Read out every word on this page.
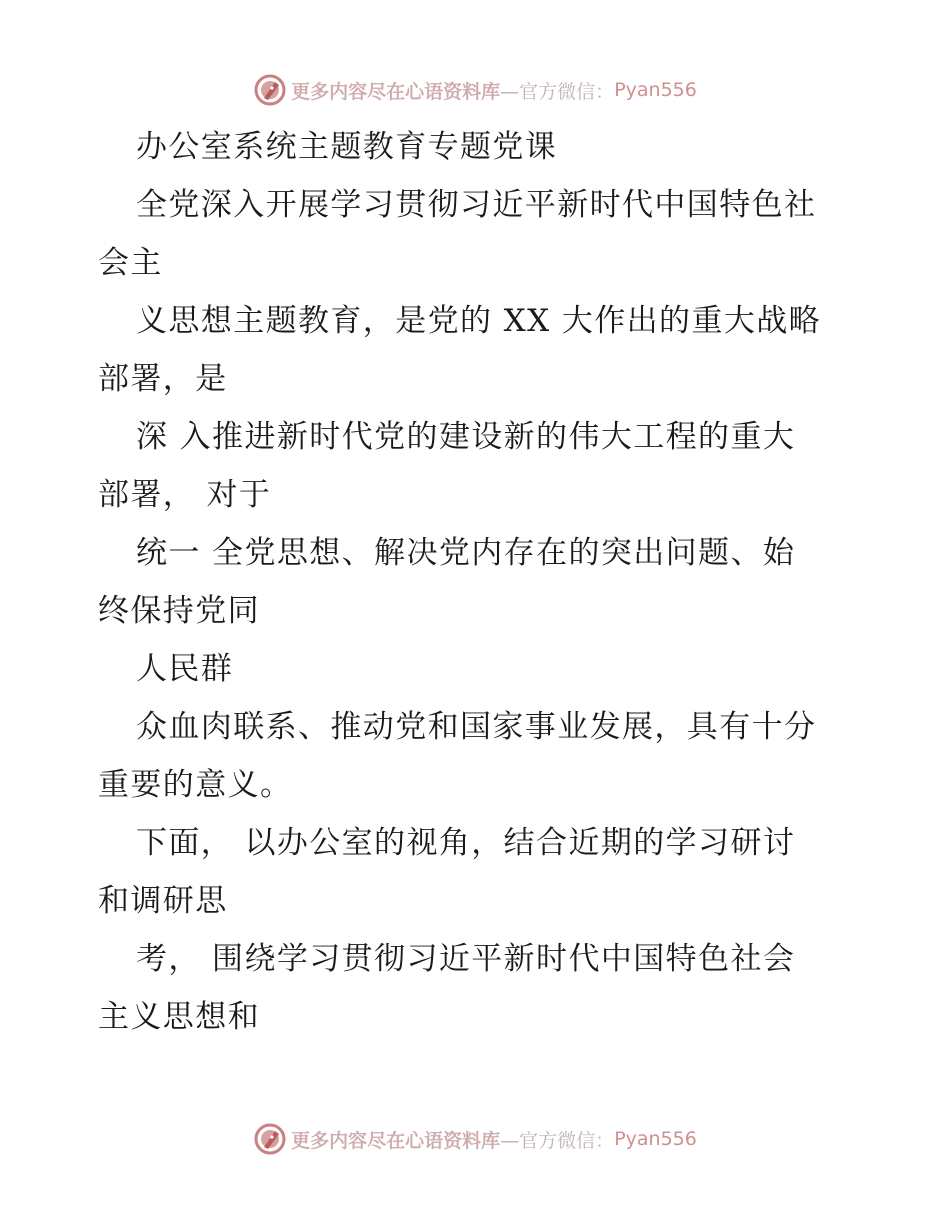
更多内容尽在心语资料库 —官方微信： Pyan556
办公室系统主题教育专题党课
全党深入开展学习贯彻习近平新时代中国特色社
会主
义思想主题教育，是党的 XX 大作出的重大战略
部署，是
深 入推进新时代党的建设新的伟大工程的重大
部署， 对于
统一 全党思想、解决党内存在的突出问题、始
终保持党同
人民群
众血肉联系、推动党和国家事业发展，具有十分
重要的意义。
下面， 以办公室的视角，结合近期的学习研讨
和调研思
考， 围绕学习贯彻习近平新时代中国特色社会
主义思想和
更多内容尽在心语资料库 —官方微信： Pyan556
